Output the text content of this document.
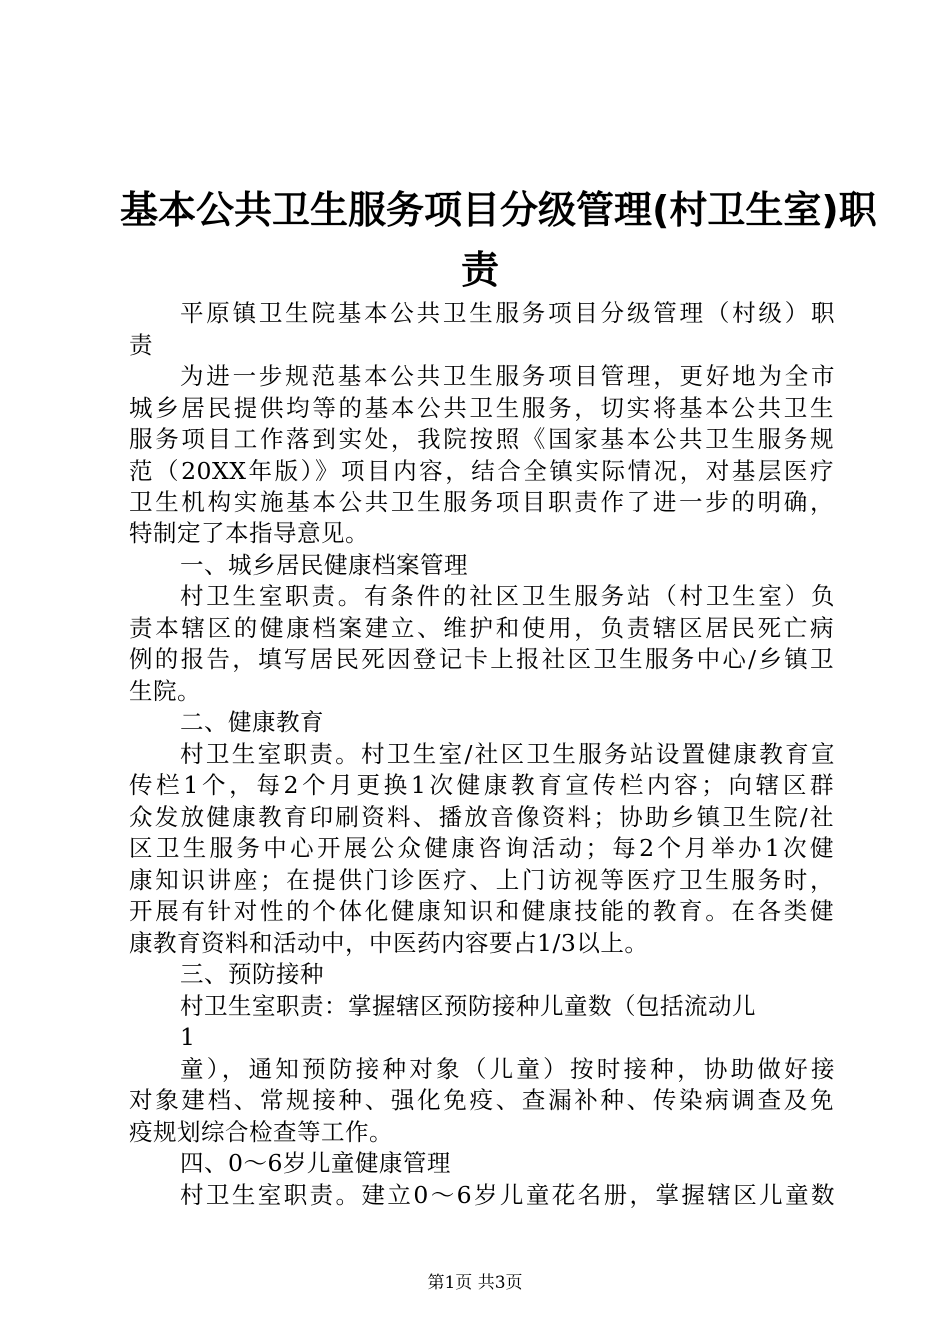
基本公共卫生服务项目分级管理(村卫生室)职
责

平原镇卫生院基本公共卫生服务项目分级管理（村级）职

责

为进一步规范基本公共卫生服务项目管理，更好地为全市

城乡居民提供均等的基本公共卫生服务，切实将基本公共卫生

服务项目工作落到实处，我院按照《国家基本公共卫生服务规

范（20XX年版）》项目内容，结合全镇实际情况，对基层医疗

卫生机构实施基本公共卫生服务项目职责作了进一步的明确，

特制定了本指导意见。

一、城乡居民健康档案管理

村卫生室职责。有条件的社区卫生服务站（村卫生室）负

责本辖区的健康档案建立、维护和使用，负责辖区居民死亡病

例的报告，填写居民死因登记卡上报社区卫生服务中心/乡镇卫

生院。

二、健康教育

村卫生室职责。村卫生室/社区卫生服务站设置健康教育宣

传栏1个，每2个月更换1次健康教育宣传栏内容；向辖区群

众发放健康教育印刷资料、播放音像资料；协助乡镇卫生院/社

区卫生服务中心开展公众健康咨询活动；每2个月举办1次健

康知识讲座；在提供门诊医疗、上门访视等医疗卫生服务时，

开展有针对性的个体化健康知识和健康技能的教育。在各类健

康教育资料和活动中，中医药内容要占1/3以上。

三、预防接种

村卫生室职责：掌握辖区预防接种儿童数（包括流动儿

1

童），通知预防接种对象（儿童）按时接种，协助做好接

对象建档、常规接种、强化免疫、查漏补种、传染病调查及免

疫规划综合检查等工作。

四、0～6岁儿童健康管理

村卫生室职责。建立0～6岁儿童花名册，掌握辖区儿童数

第1页 共3页
